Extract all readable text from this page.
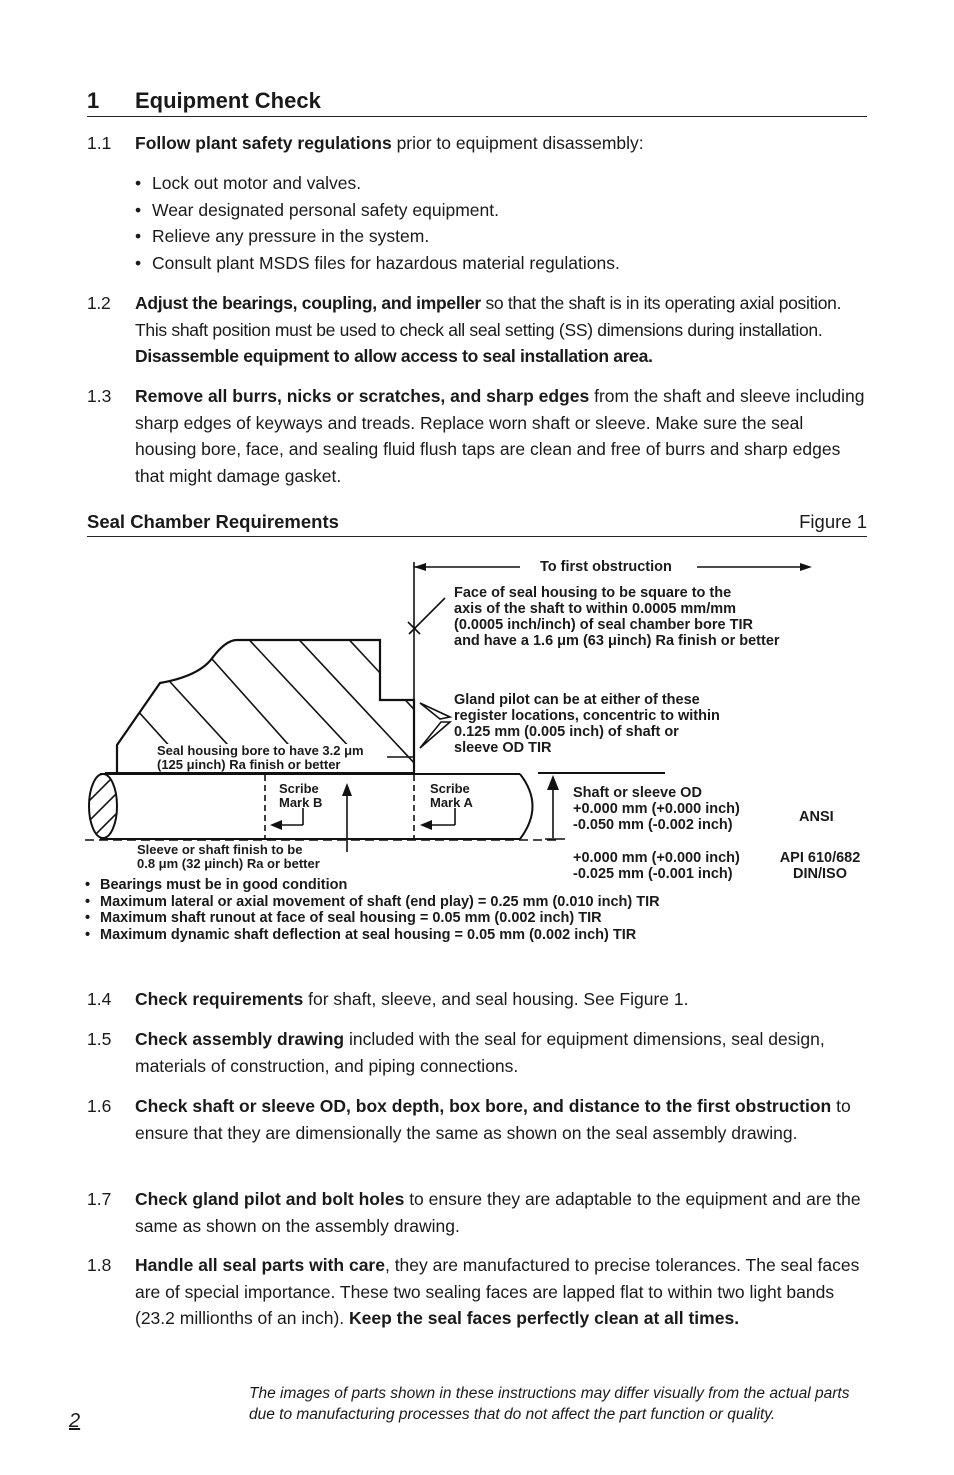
1 Equipment Check
1.1	Follow plant safety regulations prior to equipment disassembly:
• Lock out motor and valves.
• Wear designated personal safety equipment.
• Relieve any pressure in the system.
• Consult plant MSDS files for hazardous material regulations.
1.2	Adjust the bearings, coupling, and impeller so that the shaft is in its operating axial position. This shaft position must be used to check all seal setting (SS) dimensions during installation. Disassemble equipment to allow access to seal installation area.
1.3	Remove all burrs, nicks or scratches, and sharp edges from the shaft and sleeve including sharp edges of keyways and treads. Replace worn shaft or sleeve. Make sure the seal housing bore, face, and sealing fluid flush taps are clean and free of burrs and sharp edges that might damage gasket.
Seal Chamber Requirements	Figure 1
To first obstruction
Face of seal housing to be square to the
axis of the shaft to within 0.0005 mm/mm
(0.0005 inch/inch) of seal chamber bore TIR
and have a 1.6 μm (63 μinch) Ra finish or better
Gland pilot can be at either of these
register locations, concentric to within
0.125 mm (0.005 inch) of shaft or
sleeve OD TIR
Seal housing bore to have 3.2 μm
(125 μinch) Ra finish or better
Scribe
Mark B
Scribe
Mark A
Sleeve or shaft finish to be
0.8 μm (32 μinch) Ra or better
Shaft or sleeve OD
+0.000 mm (+0.000 inch)
-0.050 mm (-0.002 inch)	ANSI
+0.000 mm (+0.000 inch)
-0.025 mm (-0.001 inch)
API 610/682
DIN/ISO
• Bearings must be in good condition
• Maximum lateral or axial movement of shaft (end play) = 0.25 mm (0.010 inch) TIR
• Maximum shaft runout at face of seal housing = 0.05 mm (0.002 inch) TIR
• Maximum dynamic shaft deflection at seal housing = 0.05 mm (0.002 inch) TIR
1.4	Check requirements for shaft, sleeve, and seal housing. See Figure 1.
1.5	Check assembly drawing included with the seal for equipment dimensions, seal design, materials of construction, and piping connections.
1.6	Check shaft or sleeve OD, box depth, box bore, and distance to the first obstruction to ensure that they are dimensionally the same as shown on the seal assembly drawing.
1.7	Check gland pilot and bolt holes to ensure they are adaptable to the equipment and are the same as shown on the assembly drawing.
1.8	Handle all seal parts with care, they are manufactured to precise tolerances. The seal faces are of special importance. These two sealing faces are lapped flat to within two light bands (23.2 millionths of an inch). Keep the seal faces perfectly clean at all times.
The images of parts shown in these instructions may differ visually from the actual parts due to manufacturing processes that do not affect the part function or quality.
2
